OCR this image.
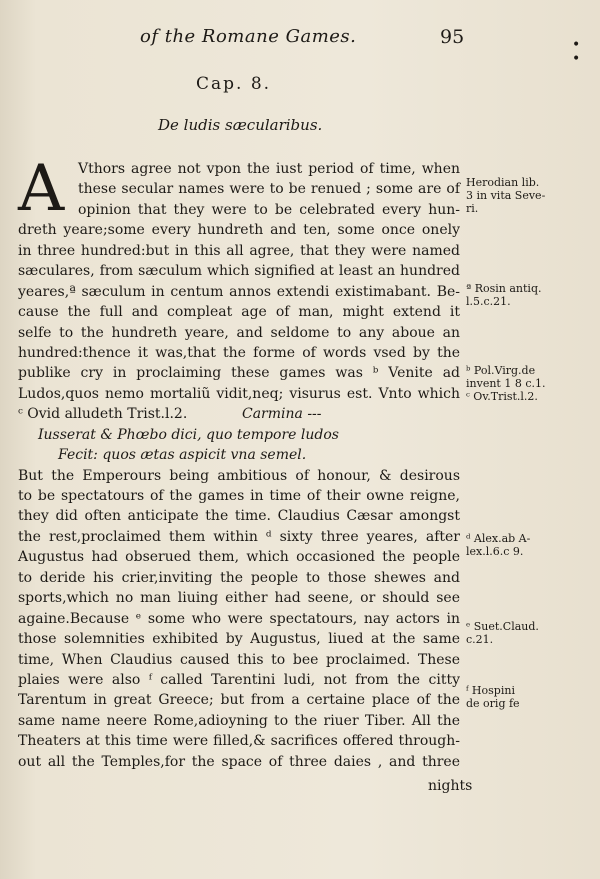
of the Romane Games.	95	•
•
Cap. 8.
De ludis sæcularibus.
A Vthors agree not vpon the iust period of time, when
these secular names were to be renued ; some are of
opinion that they were to be celebrated every hun-
dreth yeare;some every hundreth and ten, some once onely
in three hundred:but in this all agree, that they were named
sæculares, from sæculum which signified at least an hundred
yeares,ª sæculum in centum annos extendi existimabant. Be-
cause the full and compleat age of man, might extend it
selfe to the hundreth yeare, and seldome to any aboue an
hundred:thence it was,that the forme of words vsed by the
publike cry in proclaiming these games was ᵇ Venite ad
Ludos,quos nemo mortaliũ vidit,neq; visurus est. Vnto which
ᶜ Ovid alludeth Trist.l.2.	Carmina ---
Iusserat & Phœbo dici, quo tempore ludos
Fecit: quos ætas aspicit vna semel.
But the Emperours being ambitious of honour, & desirous
to be spectatours of the games in time of their owne reigne,
they did often anticipate the time. Claudius Cæsar amongst
the rest,proclaimed them within ᵈ sixty three yeares, after
Augustus had obserued them, which occasioned the people
to deride his crier,inviting the people to those shewes and
sports,which no man liuing either had seene, or should see
againe.Because ᵉ some who were spectatours, nay actors in
those solemnities exhibited by Augustus, liued at the same
time, When Claudius caused this to bee proclaimed. These
plaies were also ᶠ called Tarentini ludi, not from the citty
Tarentum in great Greece; but from a certaine place of the
same name neere Rome,adioyning to the riuer Tiber. All the
Theaters at this time were filled,& sacrifices offered through-
out all the Temples,for the space of three daies , and three
Herodian lib.
3 in vita Seve-
ri.
ª Rosin antiq.
l.5.c.21.
ᵇ Pol.Virg.de
invent 1 8 c.1.
ᶜ Ov.Trist.l.2.
ᵈ Alex.ab A-
lex.l.6.c 9.
ᵉ Suet.Claud.
c.21.
ᶠ Hospini
de orig fe
nights
